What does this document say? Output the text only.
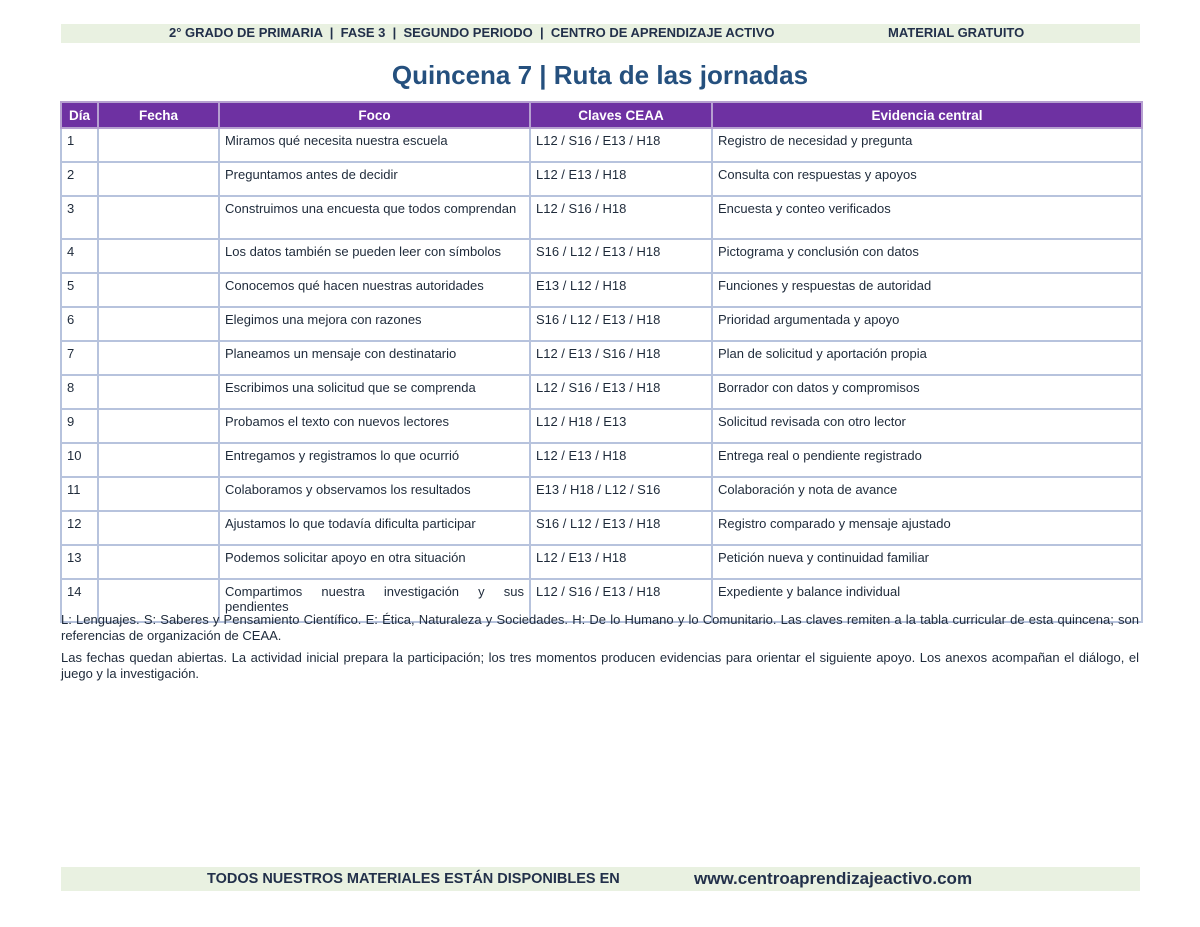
2° GRADO DE PRIMARIA  |  FASE 3  |  SEGUNDO PERIODO  |  CENTRO DE APRENDIZAJE ACTIVO	MATERIAL GRATUITO
Quincena 7 | Ruta de las jornadas
Día	Fecha	Foco	Claves CEAA	Evidencia central
1		Miramos qué necesita nuestra escuela	L12 / S16 / E13 / H18	Registro de necesidad y pregunta
2		Preguntamos antes de decidir	L12 / E13 / H18	Consulta con respuestas y apoyos
3		Construimos una encuesta que todos comprendan	L12 / S16 / H18	Encuesta y conteo verificados
4		Los datos también se pueden leer con símbolos	S16 / L12 / E13 / H18	Pictograma y conclusión con datos
5		Conocemos qué hacen nuestras autoridades	E13 / L12 / H18	Funciones y respuestas de autoridad
6		Elegimos una mejora con razones	S16 / L12 / E13 / H18	Prioridad argumentada y apoyo
7		Planeamos un mensaje con destinatario	L12 / E13 / S16 / H18	Plan de solicitud y aportación propia
8		Escribimos una solicitud que se comprenda	L12 / S16 / E13 / H18	Borrador con datos y compromisos
9		Probamos el texto con nuevos lectores	L12 / H18 / E13	Solicitud revisada con otro lector
10		Entregamos y registramos lo que ocurrió	L12 / E13 / H18	Entrega real o pendiente registrado
11		Colaboramos y observamos los resultados	E13 / H18 / L12 / S16	Colaboración y nota de avance
12		Ajustamos lo que todavía dificulta participar	S16 / L12 / E13 / H18	Registro comparado y mensaje ajustado
13		Podemos solicitar apoyo en otra situación	L12 / E13 / H18	Petición nueva y continuidad familiar
14		Compartimos nuestra investigación y sus pendientes	L12 / S16 / E13 / H18	Expediente y balance individual

L: Lenguajes. S: Saberes y Pensamiento Científico. E: Ética, Naturaleza y Sociedades. H: De lo Humano y lo Comunitario. Las claves remiten a la tabla curricular de esta quincena; son referencias de organización de CEAA.

Las fechas quedan abiertas. La actividad inicial prepara la participación; los tres momentos producen evidencias para orientar el siguiente apoyo. Los anexos acompañan el diálogo, el juego y la investigación.

TODOS NUESTROS MATERIALES ESTÁN DISPONIBLES EN	www.centroaprendizajeactivo.com
